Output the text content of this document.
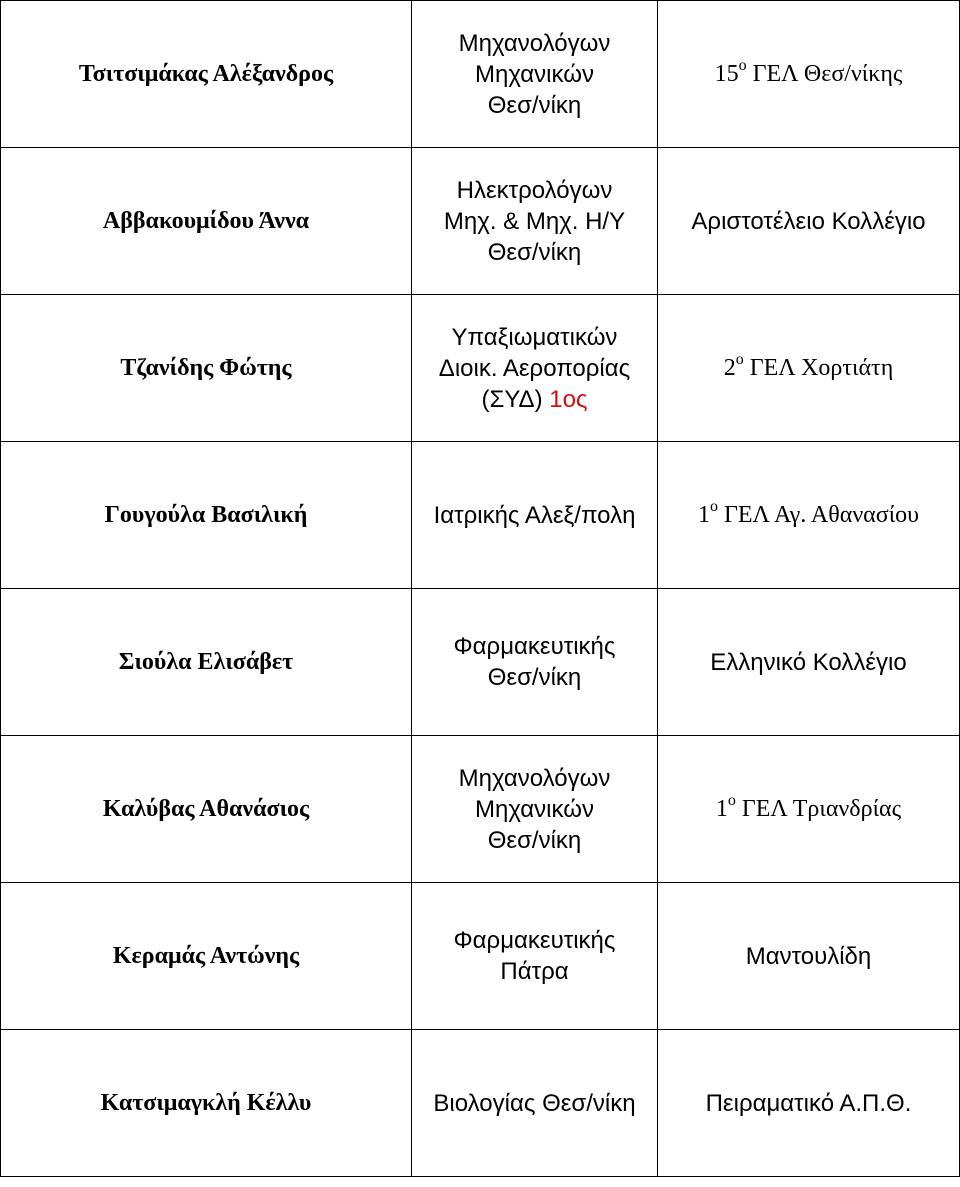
Τσιτσιμάκας Αλέξανδρος	Μηχανολόγων
Μηχανικών
Θεσ/νίκη	$15^o$ ΓΕΛ Θεσ/νίκης
Αββακουμίδου Άννα	Ηλεκτρολόγων
Μηχ. & Μηχ. Η/Υ
Θεσ/νίκη	Αριστοτέλειο Κολλέγιο
Τζανίδης Φώτης	Υπαξιωματικών
Διοικ. Αεροπορίας
(ΣΥΔ) 1ος	$2^o$ ΓΕΛ Χορτιάτη
Γουγούλα Βασιλική	Ιατρικής Αλεξ/πολη	$1^o$ ΓΕΛ Αγ. Αθανασίου
Σιούλα Ελισάβετ	Φαρμακευτικής
Θεσ/νίκη	Ελληνικό Κολλέγιο
Καλύβας Αθανάσιος	Μηχανολόγων
Μηχανικών
Θεσ/νίκη	$1^o$ ΓΕΛ Τριανδρίας
Κεραμάς Αντώνης	Φαρμακευτικής
Πάτρα	Μαντουλίδη
Κατσιμαγκλή Κέλλυ	Βιολογίας Θεσ/νίκη	Πειραματικό Α.Π.Θ.
